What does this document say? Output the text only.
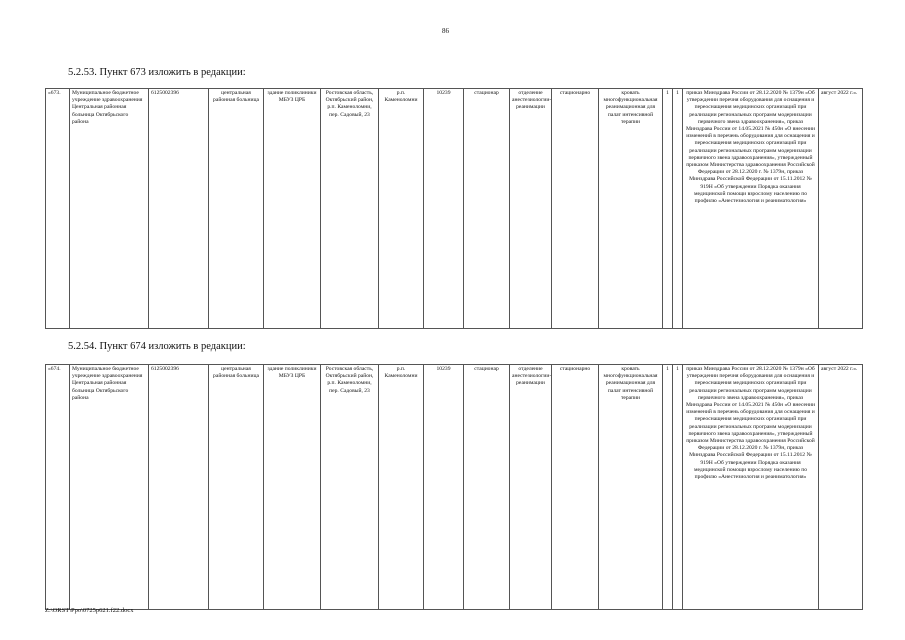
86
5.2.53. Пункт 673 изложить в редакции:
«673.	Муниципальное бюджетное учреждение здравоохранения Центральная районная больница Октябрьского района	6125002396	центральная районная больница	здание поликлиники МБУЗ ЦРБ	Ростовская область, Октябрьский район, р.п. Каменоломни, пер. Садовый, 23	р.п. Каменоломни	10239	стационар	отделение анестезиологии-реанимации	стационарно	кровать многофункциональная реанимационная для палат интенсивной терапии	1	1	приказ Минздрава России от 28.12.2020 № 1379н «Об утверждении перечня оборудования для оснащения и переоснащения медицинских организаций при реализации региональных программ модернизации первичного звена здравоохранения», приказ Минздрава России от 14.05.2021 № 450н «О внесении изменений в перечень оборудования для оснащения и переоснащения медицинских организаций при реализации региональных программ модернизации первичного звена здравоохранения», утвержденный приказом Министерства здравоохранения Российской Федерации от 28.12.2020 г. № 1379н, приказ Минздрава Российской Федерации от 15.11.2012 № 919Н «Об утверждении Порядка оказания медицинской помощи взрослому населению по профилю «Анестезиология и реаниматология»	август 2022 г.».
5.2.54. Пункт 674 изложить в редакции:
«674.	Муниципальное бюджетное учреждение здравоохранения Центральная районная больница Октябрьского района	6125002396	центральная районная больница	здание поликлиники МБУЗ ЦРБ	Ростовская область, Октябрьский район, р.п. Каменоломни, пер. Садовый, 23	р.п. Каменоломни	10239	стационар	отделение анестезиологии-реанимации	стационарно	кровать многофункциональная реанимационная для палат интенсивной терапии	1	1	приказ Минздрава России от 28.12.2020 № 1379н «Об утверждении перечня оборудования для оснащения и переоснащения медицинских организаций при реализации региональных программ модернизации первичного звена здравоохранения», приказ Минздрава России от 14.05.2021 № 450н «О внесении изменений в перечень оборудования для оснащения и переоснащения медицинских организаций при реализации региональных программ модернизации первичного звена здравоохранения», утвержденный приказом Министерства здравоохранения Российской Федерации от 28.12.2020 г. № 1379н, приказ Минздрава Российской Федерации от 15.11.2012 № 919Н «Об утверждении Порядка оказания медицинской помощи взрослому населению по профилю «Анестезиология и реаниматология»	август 2022 г.».
Z:\ORST\Ppo\0725p621.f22.docx
